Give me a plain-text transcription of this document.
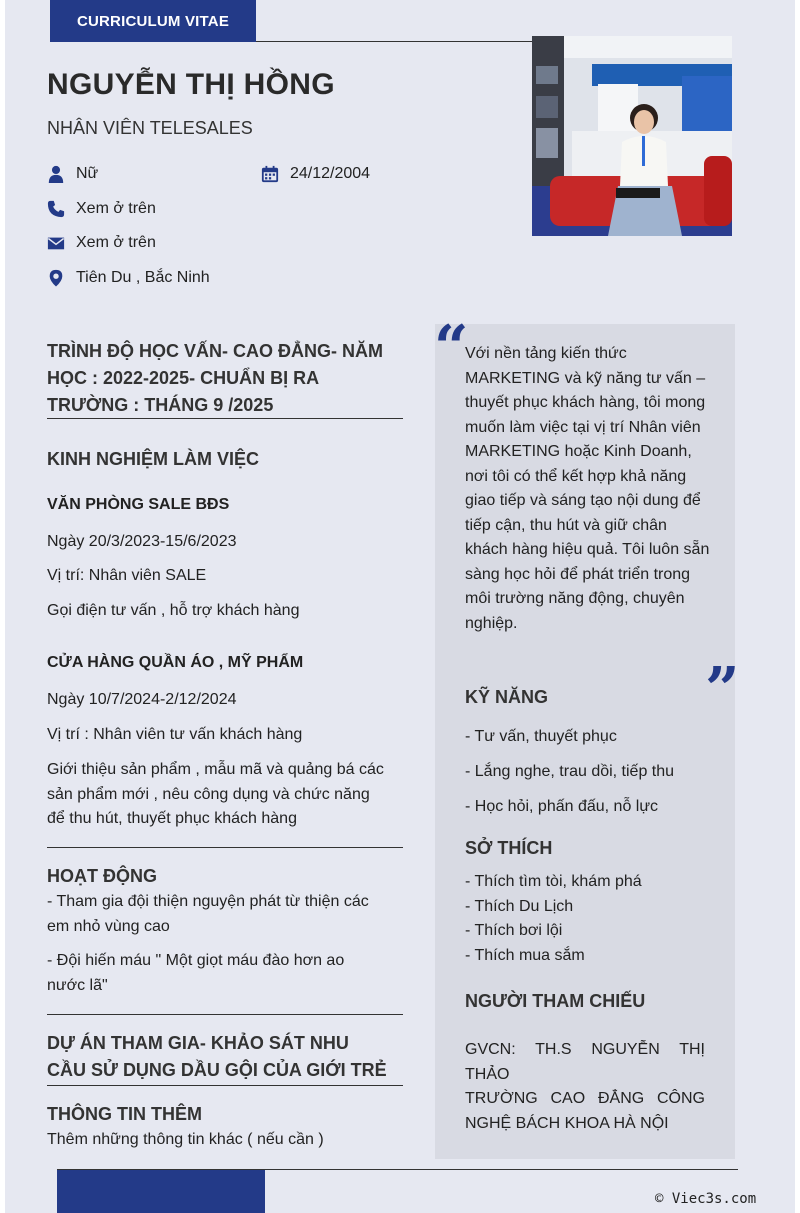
CURRICULUM VITAE
NGUYỄN THỊ HỒNG
NHÂN VIÊN TELESALES
Nữ	24/12/2004
Xem ở trên
Xem ở trên
Tiên Du , Bắc Ninh
TRÌNH ĐỘ HỌC VẤN- CAO ĐẲNG- NĂM HỌC : 2022-2025- CHUẨN BỊ RA TRƯỜNG : THÁNG 9 /2025
KINH NGHIỆM LÀM VIỆC
VĂN PHÒNG SALE BĐS
Ngày 20/3/2023-15/6/2023
Vị trí: Nhân viên SALE
Gọi điện tư vấn , hỗ trợ khách hàng
CỬA HÀNG QUẦN ÁO , MỸ PHẨM
Ngày 10/7/2024-2/12/2024
Vị trí : Nhân viên tư vấn khách hàng
Giới thiệu sản phẩm , mẫu mã và quảng bá các sản phẩm mới , nêu công dụng và chức năng để thu hút, thuyết phục khách hàng
HOẠT ĐỘNG
- Tham gia đội thiện nguyện phát từ thiện các em nhỏ vùng cao
- Đội hiến máu " Một giọt máu đào hơn ao nước lã"
DỰ ÁN THAM GIA- KHẢO SÁT NHU CẦU SỬ DỤNG DẦU GỘI CỦA GIỚI TRẺ
THÔNG TIN THÊM
Thêm những thông tin khác ( nếu cần )
“
Với nền tảng kiến thức MARKETING và kỹ năng tư vấn – thuyết phục khách hàng, tôi mong muốn làm việc tại vị trí Nhân viên MARKETING hoặc Kinh Doanh, nơi tôi có thể kết hợp khả năng giao tiếp và sáng tạo nội dung để tiếp cận, thu hút và giữ chân khách hàng hiệu quả. Tôi luôn sẵn sàng học hỏi để phát triển trong môi trường năng động, chuyên nghiệp.
”
KỸ NĂNG
- Tư vấn, thuyết phục
- Lắng nghe, trau dồi, tiếp thu
- Học hỏi, phấn đấu, nỗ lực
SỞ THÍCH
- Thích tìm tòi, khám phá
- Thích Du Lịch
- Thích bơi lội
- Thích mua sắm
NGƯỜI THAM CHIẾU
GVCN: TH.S NGUYỄN THỊ THẢO
TRƯỜNG CAO ĐẲNG CÔNG NGHỆ BÁCH KHOA HÀ NỘI
© Viec3s.com
